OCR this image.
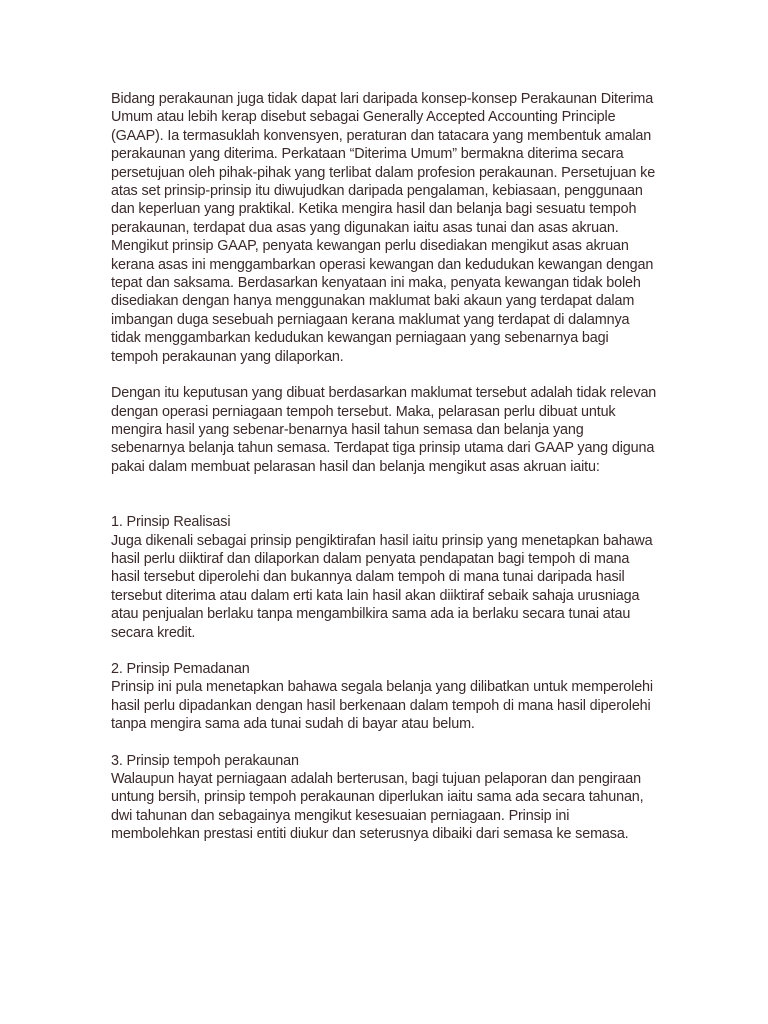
Bidang perakaunan juga tidak dapat lari daripada konsep-konsep Perakaunan Diterima Umum atau lebih kerap disebut sebagai Generally Accepted Accounting Principle (GAAP). Ia termasuklah konvensyen, peraturan dan tatacara yang membentuk amalan perakaunan yang diterima. Perkataan “Diterima Umum” bermakna diterima secara persetujuan oleh pihak-pihak yang terlibat dalam profesion perakaunan. Persetujuan ke atas set prinsip-prinsip itu diwujudkan daripada pengalaman, kebiasaan, penggunaan dan keperluan yang praktikal. Ketika mengira hasil dan belanja bagi sesuatu tempoh perakaunan, terdapat dua asas yang digunakan iaitu asas tunai dan asas akruan. Mengikut prinsip GAAP, penyata kewangan perlu disediakan mengikut asas akruan kerana asas ini menggambarkan operasi kewangan dan kedudukan kewangan dengan tepat dan saksama. Berdasarkan kenyataan ini maka, penyata kewangan tidak boleh disediakan dengan hanya menggunakan maklumat baki akaun yang terdapat dalam imbangan duga sesebuah perniagaan kerana maklumat yang terdapat di dalamnya tidak menggambarkan kedudukan kewangan perniagaan yang sebenarnya bagi tempoh perakaunan yang dilaporkan.

Dengan itu keputusan yang dibuat berdasarkan maklumat tersebut adalah tidak relevan dengan operasi perniagaan tempoh tersebut. Maka, pelarasan perlu dibuat untuk mengira hasil yang sebenar-benarnya hasil tahun semasa dan belanja yang sebenarnya belanja tahun semasa. Terdapat tiga prinsip utama dari GAAP yang diguna pakai dalam membuat pelarasan hasil dan belanja mengikut asas akruan iaitu:

1. Prinsip Realisasi

Juga dikenali sebagai prinsip pengiktirafan hasil iaitu prinsip yang menetapkan bahawa hasil perlu diiktiraf dan dilaporkan dalam penyata pendapatan bagi tempoh di mana hasil tersebut diperolehi dan bukannya dalam tempoh di mana tunai daripada hasil tersebut diterima atau dalam erti kata lain hasil akan diiktiraf sebaik sahaja urusniaga atau penjualan berlaku tanpa mengambilkira sama ada ia berlaku secara tunai atau secara kredit.

2. Prinsip Pemadanan

Prinsip ini pula menetapkan bahawa segala belanja yang dilibatkan untuk memperolehi hasil perlu dipadankan dengan hasil berkenaan dalam tempoh di mana hasil diperolehi tanpa mengira sama ada tunai sudah di bayar atau belum.

3. Prinsip tempoh perakaunan

Walaupun hayat perniagaan adalah berterusan, bagi tujuan pelaporan dan pengiraan untung bersih, prinsip tempoh perakaunan diperlukan iaitu sama ada secara tahunan, dwi tahunan dan sebagainya mengikut kesesuaian perniagaan. Prinsip ini membolehkan prestasi entiti diukur dan seterusnya dibaiki dari semasa ke semasa.
